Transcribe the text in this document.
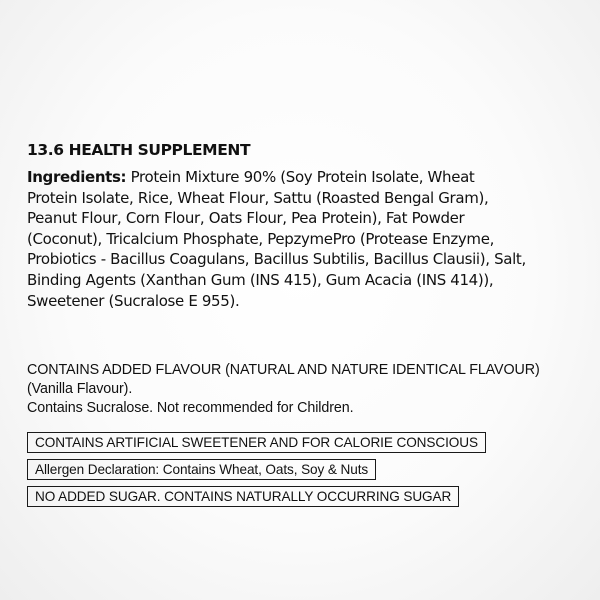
13.6 HEALTH SUPPLEMENT
Ingredients: Protein Mixture 90% (Soy Protein Isolate, Wheat
Protein Isolate, Rice, Wheat Flour, Sattu (Roasted Bengal Gram),
Peanut Flour, Corn Flour, Oats Flour, Pea Protein), Fat Powder
(Coconut), Tricalcium Phosphate, PepzymePro (Protease Enzyme,
Probiotics - Bacillus Coagulans, Bacillus Subtilis, Bacillus Clausii), Salt,
Binding Agents (Xanthan Gum (INS 415), Gum Acacia (INS 414)),
Sweetener (Sucralose E 955).
CONTAINS ADDED FLAVOUR (NATURAL AND NATURE IDENTICAL FLAVOUR)
(Vanilla Flavour).
Contains Sucralose. Not recommended for Children.
CONTAINS ARTIFICIAL SWEETENER AND FOR CALORIE CONSCIOUS
Allergen Declaration: Contains Wheat, Oats, Soy & Nuts
NO ADDED SUGAR. CONTAINS NATURALLY OCCURRING SUGAR
